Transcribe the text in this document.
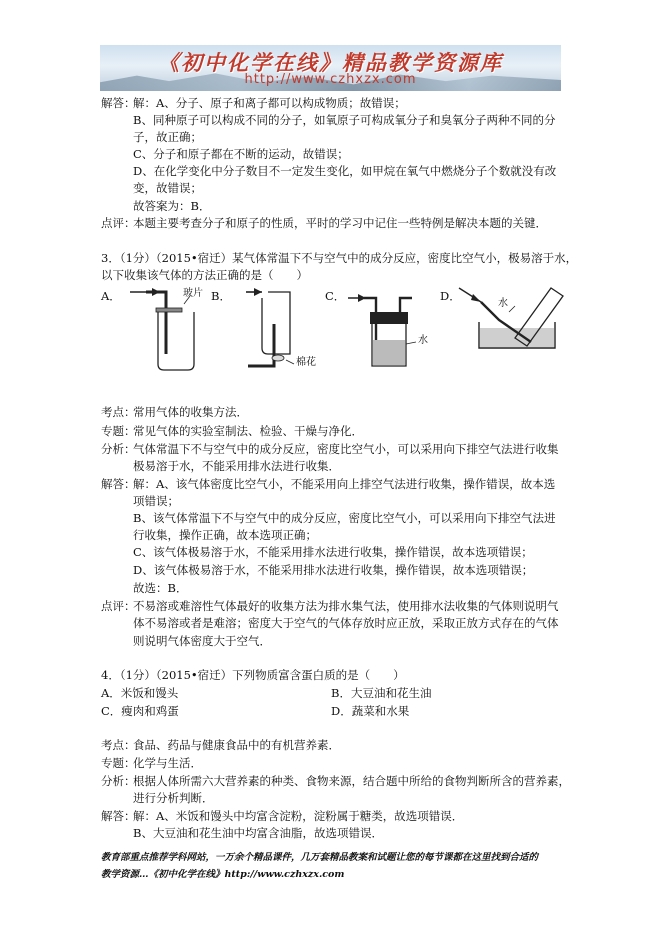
《初中化学在线》精品教学资源库
http://www.czhxzx.com
解答：
解：A、分子、原子和离子都可以构成物质；故错误；
B、同种原子可以构成不同的分子，如氧原子可构成氧分子和臭氧分子两种不同的分
子，故正确；
C、分子和原子都在不断的运动，故错误；
D、在化学变化中分子数目不一定发生变化，如甲烷在氧气中燃烧分子个数就没有改
变，故错误；
故答案为：B．
点评：
本题主要考查分子和原子的性质，平时的学习中记住一些特例是解决本题的关键．
3．（1分）（2015•宿迁）某气体常温下不与空气中的成分反应，密度比空气小，极易溶于水，
以下收集该气体的方法正确的是（　　）
A．	玻片 B．
棉花
C．
水
D．
水
考点：
常用气体的收集方法．
专题：
常见气体的实验室制法、检验、干燥与净化．
分析：
气体常温下不与空气中的成分反应，密度比空气小，可以采用向下排空气法进行收集
极易溶于水，不能采用排水法进行收集．
解答：
解：A、该气体密度比空气小，不能采用向上排空气法进行收集，操作错误，故本选
项错误；
B、该气体常温下不与空气中的成分反应，密度比空气小，可以采用向下排空气法进
行收集，操作正确，故本选项正确；
C、该气体极易溶于水，不能采用排水法进行收集，操作错误，故本选项错误；
D、该气体极易溶于水，不能采用排水法进行收集，操作错误，故本选项错误；
故选：B．
点评：
不易溶或难溶性气体最好的收集方法为排水集气法，使用排水法收集的气体则说明气
体不易溶或者是难溶；密度大于空气的气体存放时应正放，采取正放方式存在的气体
则说明气体密度大于空气．
4．（1分）（2015•宿迁）下列物质富含蛋白质的是（　　）
A．米饭和馒头	B．大豆油和花生油
C．瘦肉和鸡蛋	D．蔬菜和水果
考点：
食品、药品与健康食品中的有机营养素．
专题：
化学与生活．
分析：
根据人体所需六大营养素的种类、食物来源，结合题中所给的食物判断所含的营养素，
进行分析判断．
解答：
解：A、米饭和馒头中均富含淀粉，淀粉属于糖类，故选项错误．
B、大豆油和花生油中均富含油脂，故选项错误．
教育部重点推荐学科网站，一万余个精品课件，几万套精品教案和试题让您的每节课都在这里找到合适的
教学资源…《初中化学在线》http://www.czhxzx.com
